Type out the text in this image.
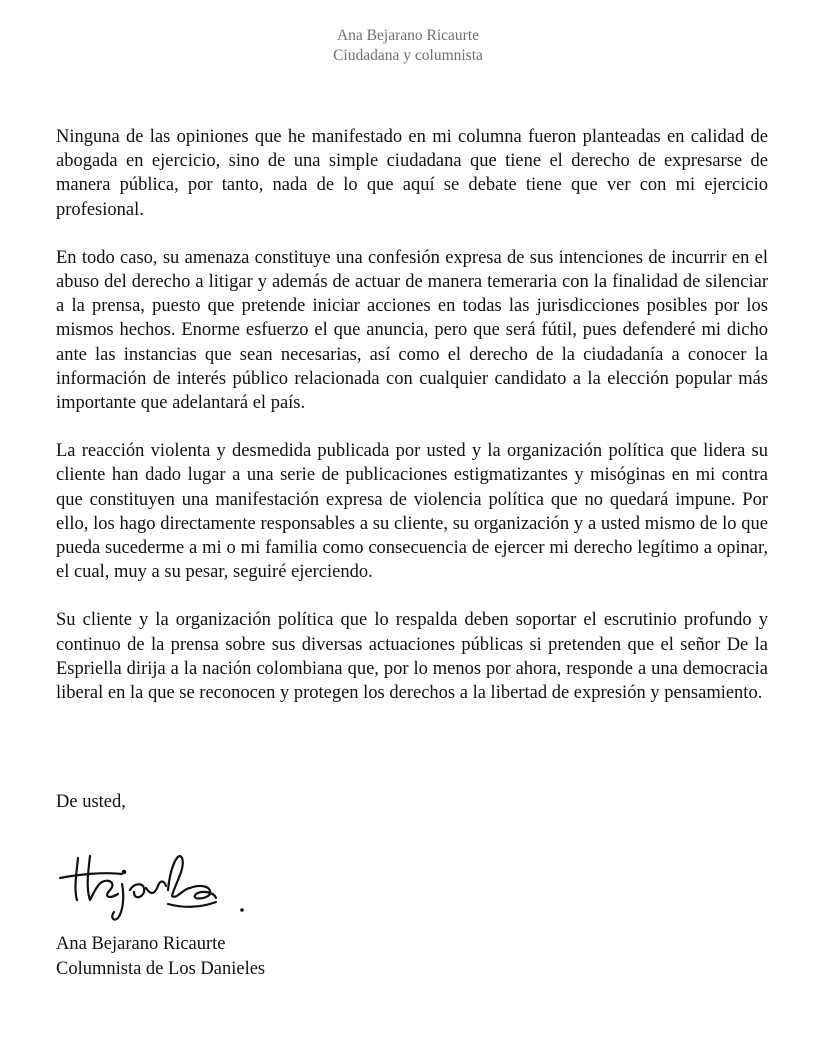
Ana Bejarano Ricaurte
Ciudadana y columnista

Ninguna de las opiniones que he manifestado en mi columna fueron planteadas en calidad de abogada en ejercicio, sino de una simple ciudadana que tiene el derecho de expresarse de manera pública, por tanto, nada de lo que aquí se debate tiene que ver con mi ejercicio profesional.

En todo caso, su amenaza constituye una confesión expresa de sus intenciones de incurrir en el abuso del derecho a litigar y además de actuar de manera temeraria con la finalidad de silenciar a la prensa, puesto que pretende iniciar acciones en todas las jurisdicciones posibles por los mismos hechos. Enorme esfuerzo el que anuncia, pero que será fútil, pues defenderé mi dicho ante las instancias que sean necesarias, así como el derecho de la ciudadanía a conocer la información de interés público relacionada con cualquier candidato a la elección popular más importante que adelantará el país.

La reacción violenta y desmedida publicada por usted y la organización política que lidera su cliente han dado lugar a una serie de publicaciones estigmatizantes y misóginas en mi contra que constituyen una manifestación expresa de violencia política que no quedará impune. Por ello, los hago directamente responsables a su cliente, su organización y a usted mismo de lo que pueda sucederme a mi o mi familia como consecuencia de ejercer mi derecho legítimo a opinar, el cual, muy a su pesar, seguiré ejerciendo.

Su cliente y la organización política que lo respalda deben soportar el escrutinio profundo y continuo de la prensa sobre sus diversas actuaciones públicas si pretenden que el señor De la Espriella dirija a la nación colombiana que, por lo menos por ahora, responde a una democracia liberal en la que se reconocen y protegen los derechos a la libertad de expresión y pensamiento.

De usted,
Ana Bejarano Ricaurte
Columnista de Los Danieles
